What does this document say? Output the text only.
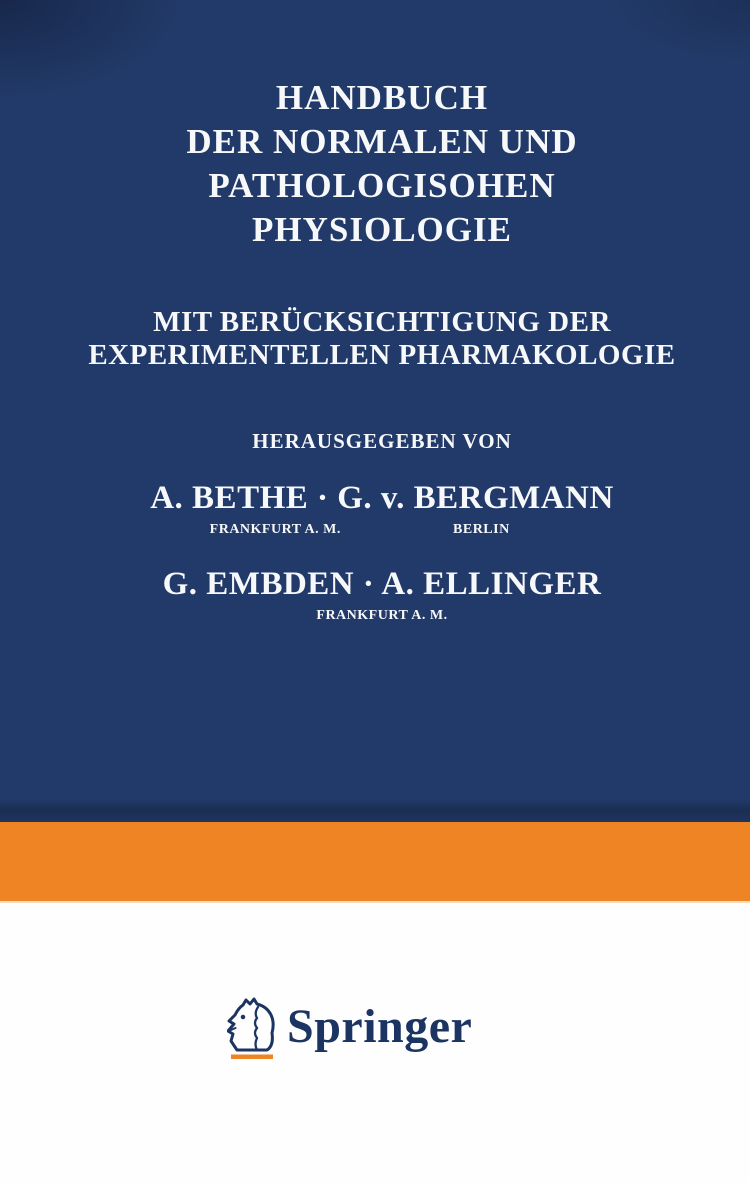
HANDBUCH
DER NORMALEN UND
PATHOLOGISOHEN
PHYSIOLOGIE
MIT BERÜCKSICHTIGUNG DER
EXPERIMENTELLEN PHARMAKOLOGIE
HERAUSGEGEBEN VON
A. BETHE · G. v. BERGMANN
FRANKFURT A. M.	BERLIN
G. EMBDEN · A. ELLINGER
FRANKFURT A. M.
Springer
